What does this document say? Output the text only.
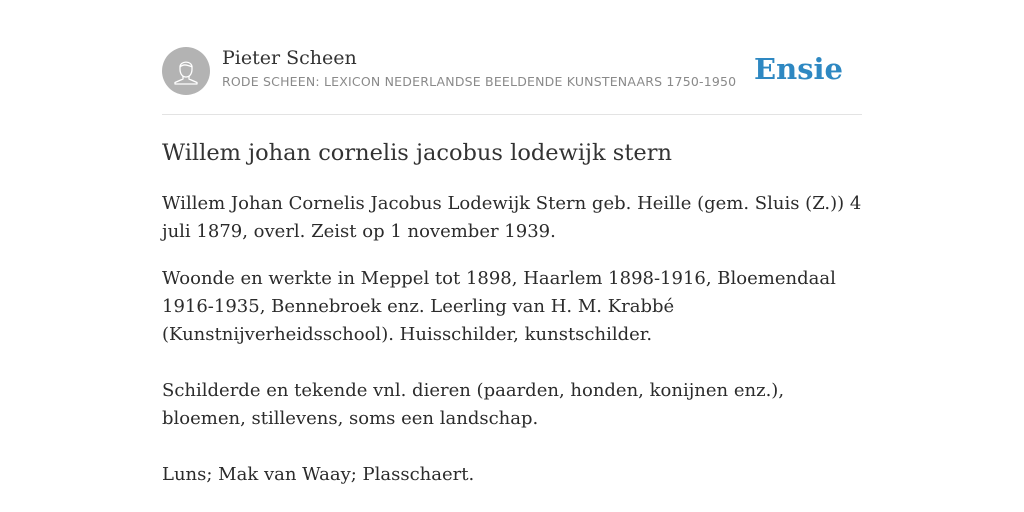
Pieter Scheen
RODE SCHEEN: LEXICON NEDERLANDSE BEELDENDE KUNSTENAARS 1750-1950 Ensie
Willem johan cornelis jacobus lodewijk stern

Willem Johan Cornelis Jacobus Lodewijk Stern geb. Heille (gem. Sluis (Z.)) 4 juli 1879, overl. Zeist op 1 november 1939.

Woonde en werkte in Meppel tot 1898, Haarlem 1898-1916, Bloemendaal 1916-1935, Bennebroek enz. Leerling van H. M. Krabbé (Kunstnijverheidsschool). Huisschilder, kunstschilder.

Schilderde en tekende vnl. dieren (paarden, honden, konijnen enz.), bloemen, stillevens, soms een landschap.

Luns; Mak van Waay; Plasschaert.
